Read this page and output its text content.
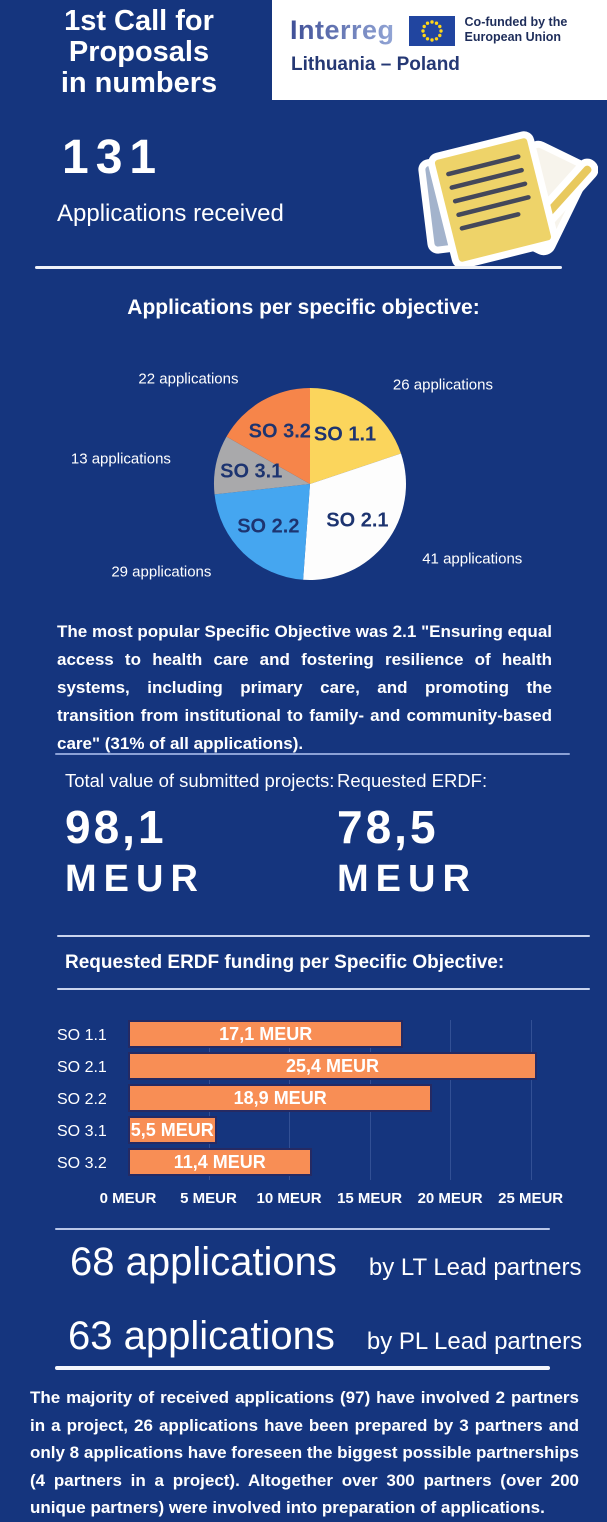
1st Call for
Proposals
in numbers
Interreg	Co-funded by the European Union
Lithuania – Poland
131
Applications received
Applications per specific objective:
SO 1.1
26 applications
SO 2.1
41 applications
SO 2.2
29 applications
SO 3.1
13 applications
SO 3.2
22 applications
The most popular Specific Objective was 2.1 "Ensuring equal access to health care and fostering resilience of health systems, including primary care, and promoting the transition from institutional to family- and community-based care" (31% of all applications).
Total value of submitted projects:
98,1
MEUR
Requested ERDF:
78,5
MEUR
Requested ERDF funding per Specific Objective:
SO 1.1	17,1 MEUR
SO 2.1	25,4 MEUR
SO 2.2	18,9 MEUR
SO 3.1	5,5 MEUR
SO 3.2	11,4 MEUR
0 MEUR 5 MEUR 10 MEUR 15 MEUR 20 MEUR 25 MEUR
68 applications by LT Lead partners
63 applications by PL Lead partners
The majority of received applications (97) have involved 2 partners in a project, 26 applications have been prepared by 3 partners and only 8 applications have foreseen the biggest possible partnerships (4 partners in a project). Altogether over 300 partners (over 200 unique partners) were involved into preparation of applications.
